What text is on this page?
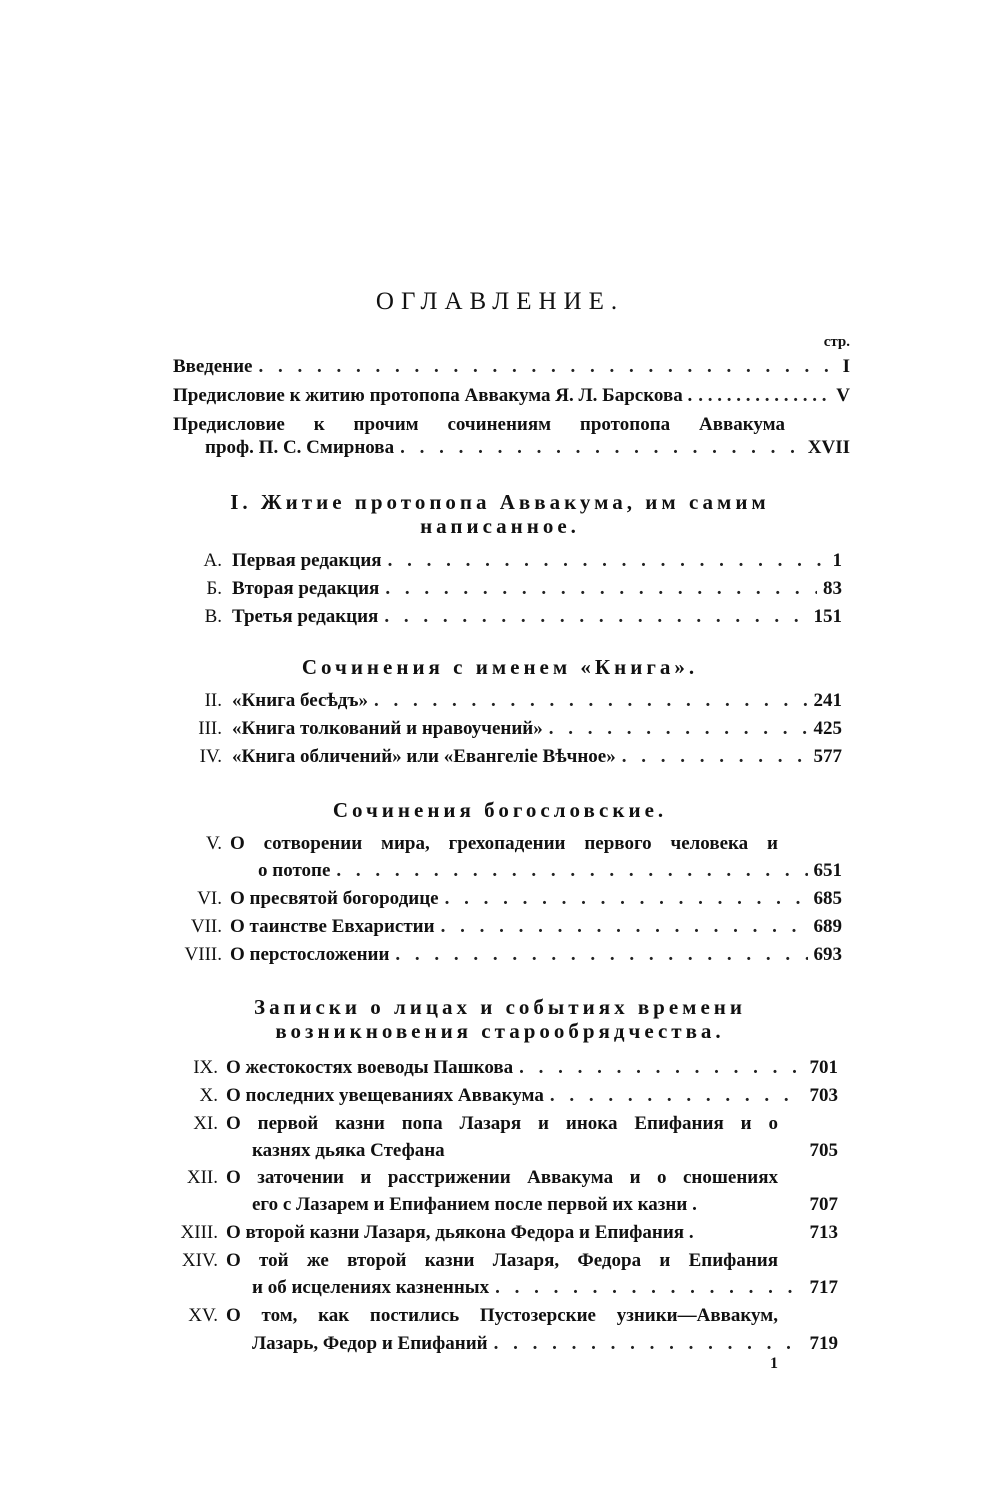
ОГЛАВЛЕНИЕ.
стр.
Введение . . .	I
Предисловие к житию протопопа Аввакума Я. Л. Барскова . . . .	V
Предисловие к прочим сочинениям протопопа Аввакума
проф. П. С. Смирнова . . .	XVII
I. Житие протопопа Аввакума, им самим
написанное.
А. Первая редакция . . .	1
Б. Вторая редакция . . .	83
В. Третья редакция . . .	151
Сочинения с именем «Книга».
II. «Книга бесѣдъ» . . .	241
III. «Книга толкований и нравоучений» . . .	425
IV. «Книга обличений» или «Евангеліе Вѣчное» . . .	577
Сочинения богословские.
V. О сотворении мира, грехопадении первого человека и
о потопе . . .	651
VI. О пресвятой богородице . . .	685
VII. О таинстве Евхаристии . . .	689
VIII. О перстосложении . . .	693
Записки о лицах и событиях времени
возникновения старообрядчества.
IX. О жестокостях воеводы Пашкова . . .	701
X. О последних увещеваниях Аввакума . . .	703
XI. О первой казни попа Лазаря и инока Епифания и о
казнях дьяка Стефана	705
XII. О заточении и расстрижении Аввакума и о сношениях
его с Лазарем и Епифанием после первой их казни .	707
XIII. О второй казни Лазаря, дьякона Федора и Епифания .	713
XIV. О той же второй казни Лазаря, Федора и Епифания
и об исцелениях казненных . . .	717
XV. О том, как постились Пустозерские узники—Аввакум,
Лазарь, Федор и Епифаний . . .	719
1
